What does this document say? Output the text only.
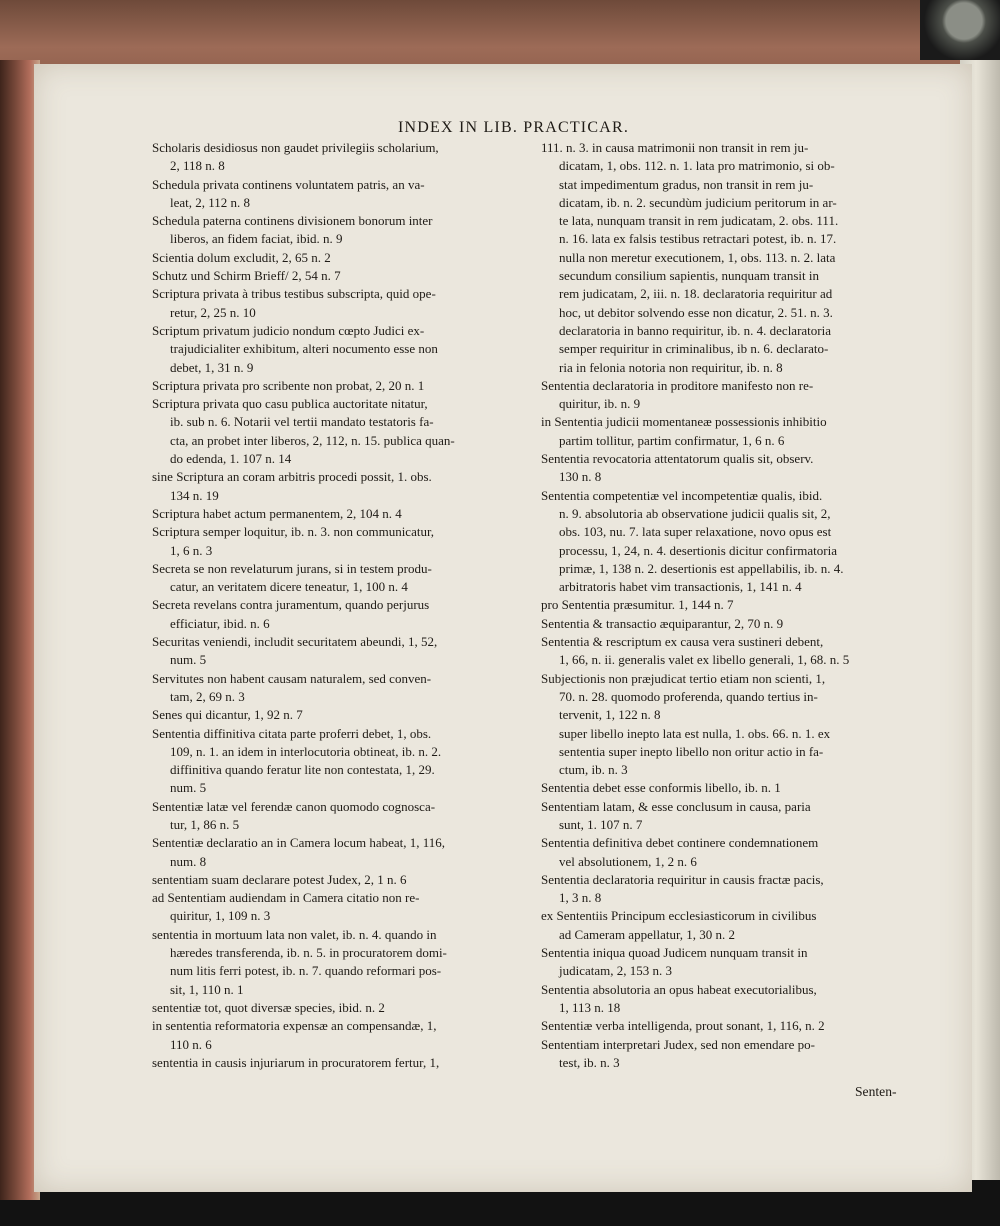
INDEX IN LIB. PRACTICAR.
Scholaris desidiosus non gaudet privilegiis scholarium,
2, 118 n. 8
Schedula privata continens voluntatem patris, an va-
leat, 2, 112 n. 8
Schedula paterna continens divisionem bonorum inter
liberos, an fidem faciat, ibid. n. 9
Scientia dolum excludit, 2, 65 n. 2
Schutz und Schirm Brieff/ 2, 54 n. 7
Scriptura privata à tribus testibus subscripta, quid ope-
retur, 2, 25 n. 10
Scriptum privatum judicio nondum cœpto Judici ex-
trajudicialiter exhibitum, alteri nocumento esse non
debet, 1, 31 n. 9
Scriptura privata pro scribente non probat, 2, 20 n. 1
Scriptura privata quo casu publica auctoritate nitatur,
ib. sub n. 6. Notarii vel tertii mandato testatoris fa-
cta, an probet inter liberos, 2, 112, n. 15. publica quan-
do edenda, 1. 107 n. 14
sine Scriptura an coram arbitris procedi possit, 1. obs.
134 n. 19
Scriptura habet actum permanentem, 2, 104 n. 4
Scriptura semper loquitur, ib. n. 3. non communicatur,
1, 6 n. 3
Secreta se non revelaturum jurans, si in testem produ-
catur, an veritatem dicere teneatur, 1, 100 n. 4
Secreta revelans contra juramentum, quando perjurus
efficiatur, ibid. n. 6
Securitas veniendi, includit securitatem abeundi, 1, 52,
num. 5
Servitutes non habent causam naturalem, sed conven-
tam, 2, 69 n. 3
Senes qui dicantur, 1, 92 n. 7
Sententia diffinitiva citata parte proferri debet, 1, obs.
109, n. 1. an idem in interlocutoria obtineat, ib. n. 2.
diffinitiva quando feratur lite non contestata, 1, 29.
num. 5
Sententiæ latæ vel ferendæ canon quomodo cognosca-
tur, 1, 86 n. 5
Sententiæ declaratio an in Camera locum habeat, 1, 116,
num. 8
sententiam suam declarare potest Judex, 2, 1 n. 6
ad Sententiam audiendam in Camera citatio non re-
quiritur, 1, 109 n. 3
sententia in mortuum lata non valet, ib. n. 4. quando in
hæredes transferenda, ib. n. 5. in procuratorem domi-
num litis ferri potest, ib. n. 7. quando reformari pos-
sit, 1, 110 n. 1
sententiæ tot, quot diversæ species, ibid. n. 2
in sententia reformatoria expensæ an compensandæ, 1,
110 n. 6
sententia in causis injuriarum in procuratorem fertur, 1,
111. n. 3. in causa matrimonii non transit in rem ju-
dicatam, 1, obs. 112. n. 1. lata pro matrimonio, si ob-
stat impedimentum gradus, non transit in rem ju-
dicatam, ib. n. 2. secundùm judicium peritorum in ar-
te lata, nunquam transit in rem judicatam, 2. obs. 111.
n. 16. lata ex falsis testibus retractari potest, ib. n. 17.
nulla non meretur executionem, 1, obs. 113. n. 2. lata
secundum consilium sapientis, nunquam transit in
rem judicatam, 2, iii. n. 18. declaratoria requiritur ad
hoc, ut debitor solvendo esse non dicatur, 2. 51. n. 3.
declaratoria in banno requiritur, ib. n. 4. declaratoria
semper requiritur in criminalibus, ib n. 6. declarato-
ria in felonia notoria non requiritur, ib. n. 8
Sententia declaratoria in proditore manifesto non re-
quiritur, ib. n. 9
in Sententia judicii momentaneæ possessionis inhibitio
partim tollitur, partim confirmatur, 1, 6 n. 6
Sententia revocatoria attentatorum qualis sit, observ.
130 n. 8
Sententia competentiæ vel incompetentiæ qualis, ibid.
n. 9. absolutoria ab observatione judicii qualis sit, 2,
obs. 103, nu. 7. lata super relaxatione, novo opus est
processu, 1, 24, n. 4. desertionis dicitur confirmatoria
primæ, 1, 138 n. 2. desertionis est appellabilis, ib. n. 4.
arbitratoris habet vim transactionis, 1, 141 n. 4
pro Sententia præsumitur. 1, 144 n. 7
Sententia & transactio æquiparantur, 2, 70 n. 9
Sententia & rescriptum ex causa vera sustineri debent,
1, 66, n. ii. generalis valet ex libello generali, 1, 68. n. 5
Subjectionis non præjudicat tertio etiam non scienti, 1,
70. n. 28. quomodo proferenda, quando tertius in-
tervenit, 1, 122 n. 8
super libello inepto lata est nulla, 1. obs. 66. n. 1. ex
sententia super inepto libello non oritur actio in fa-
ctum, ib. n. 3
Sententia debet esse conformis libello, ib. n. 1
Sententiam latam, & esse conclusum in causa, paria
sunt, 1. 107 n. 7
Sententia definitiva debet continere condemnationem
vel absolutionem, 1, 2 n. 6
Sententia declaratoria requiritur in causis fractæ pacis,
1, 3 n. 8
ex Sententiis Principum ecclesiasticorum in civilibus
ad Cameram appellatur, 1, 30 n. 2
Sententia iniqua quoad Judicem nunquam transit in
judicatam, 2, 153 n. 3
Sententia absolutoria an opus habeat executorialibus,
1, 113 n. 18
Sententiæ verba intelligenda, prout sonant, 1, 116, n. 2
Sententiam interpretari Judex, sed non emendare po-
test, ib. n. 3
Senten-
